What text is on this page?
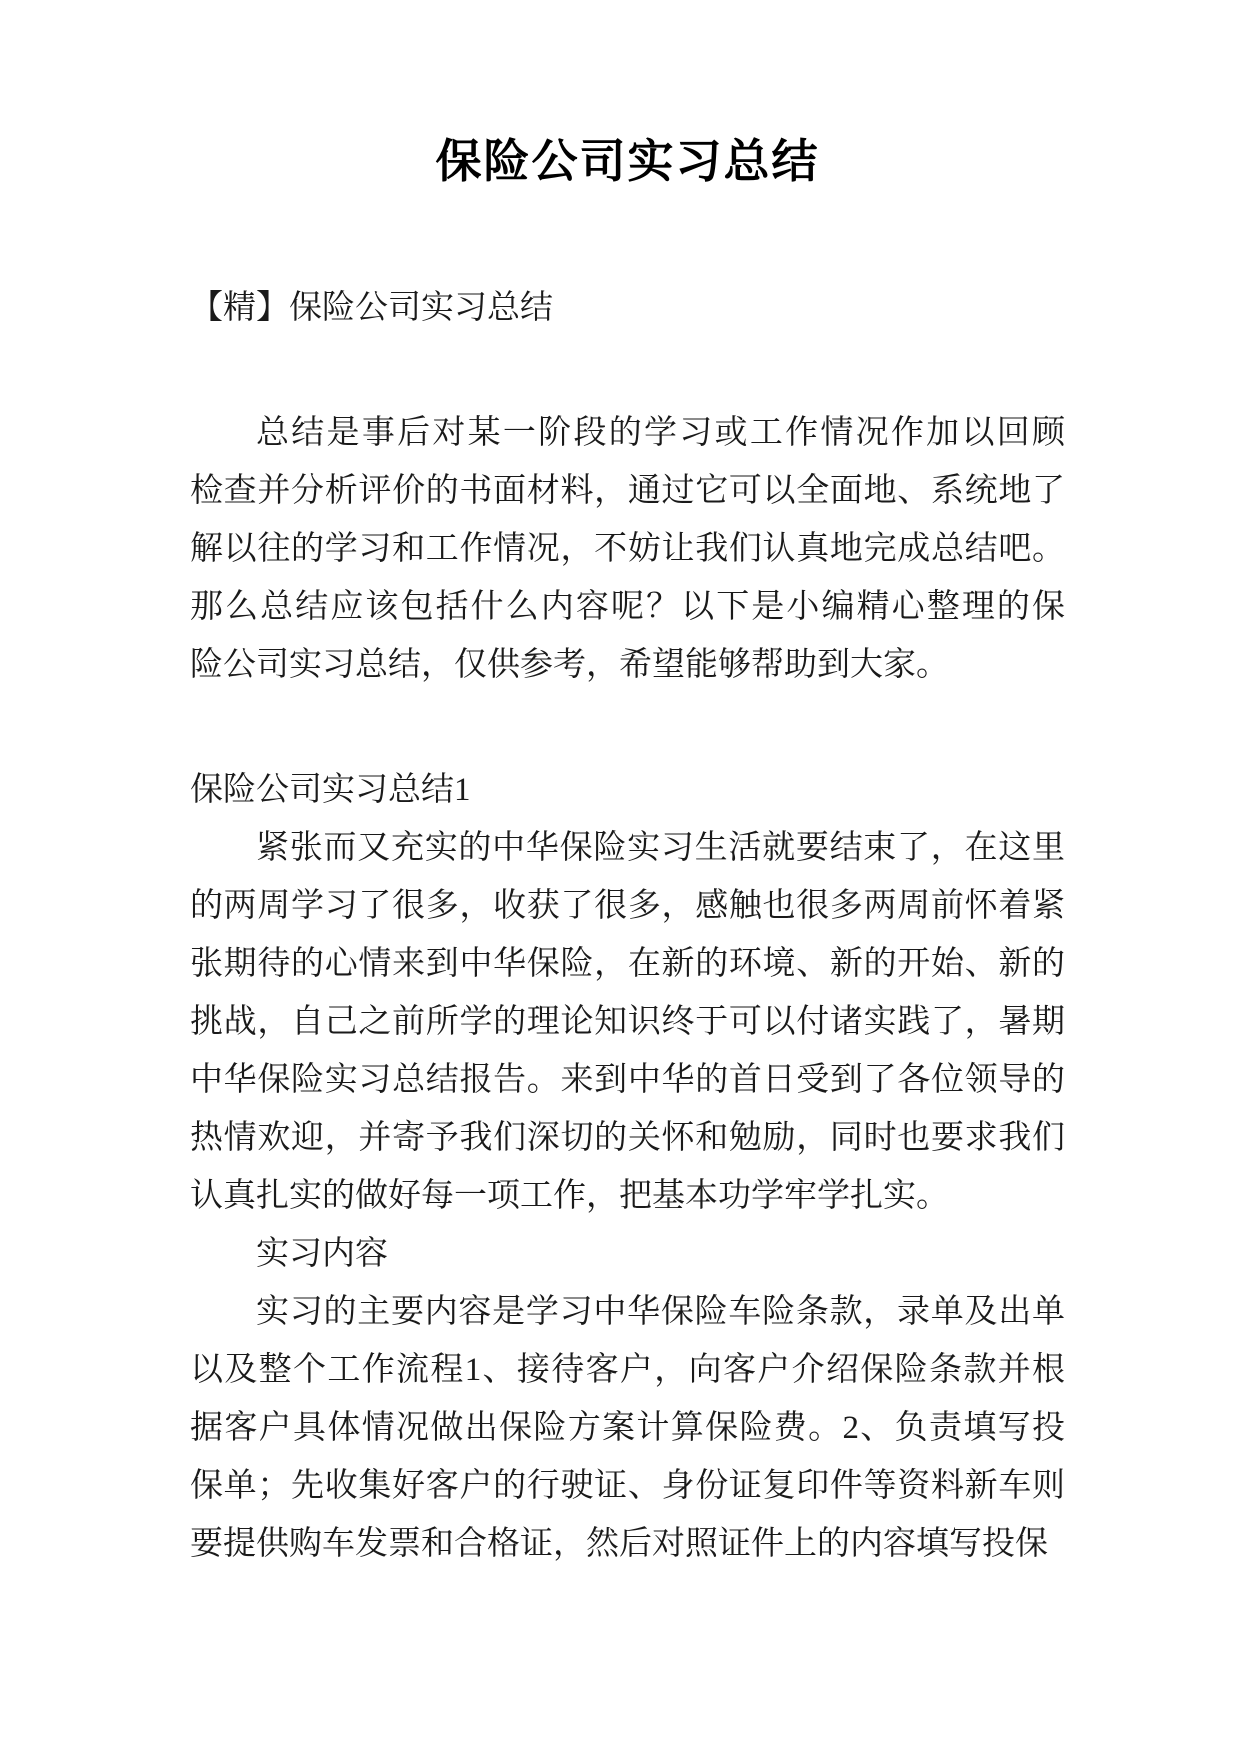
保险公司实习总结
【精】保险公司实习总结
总结是事后对某一阶段的学习或工作情况作加以回顾
检查并分析评价的书面材料，通过它可以全面地、系统地了
解以往的学习和工作情况，不妨让我们认真地完成总结吧。
那么总结应该包括什么内容呢？以下是小编精心整理的保
险公司实习总结，仅供参考，希望能够帮助到大家。
保险公司实习总结1
紧张而又充实的中华保险实习生活就要结束了，在这里
的两周学习了很多，收获了很多，感触也很多两周前怀着紧
张期待的心情来到中华保险，在新的环境、新的开始、新的
挑战，自己之前所学的理论知识终于可以付诸实践了，暑期
中华保险实习总结报告。来到中华的首日受到了各位领导的
热情欢迎，并寄予我们深切的关怀和勉励，同时也要求我们
认真扎实的做好每一项工作，把基本功学牢学扎实。
实习内容
实习的主要内容是学习中华保险车险条款，录单及出单
以及整个工作流程1、接待客户，向客户介绍保险条款并根
据客户具体情况做出保险方案计算保险费。2、负责填写投
保单；先收集好客户的行驶证、身份证复印件等资料新车则
要提供购车发票和合格证，然后对照证件上的内容填写投保
